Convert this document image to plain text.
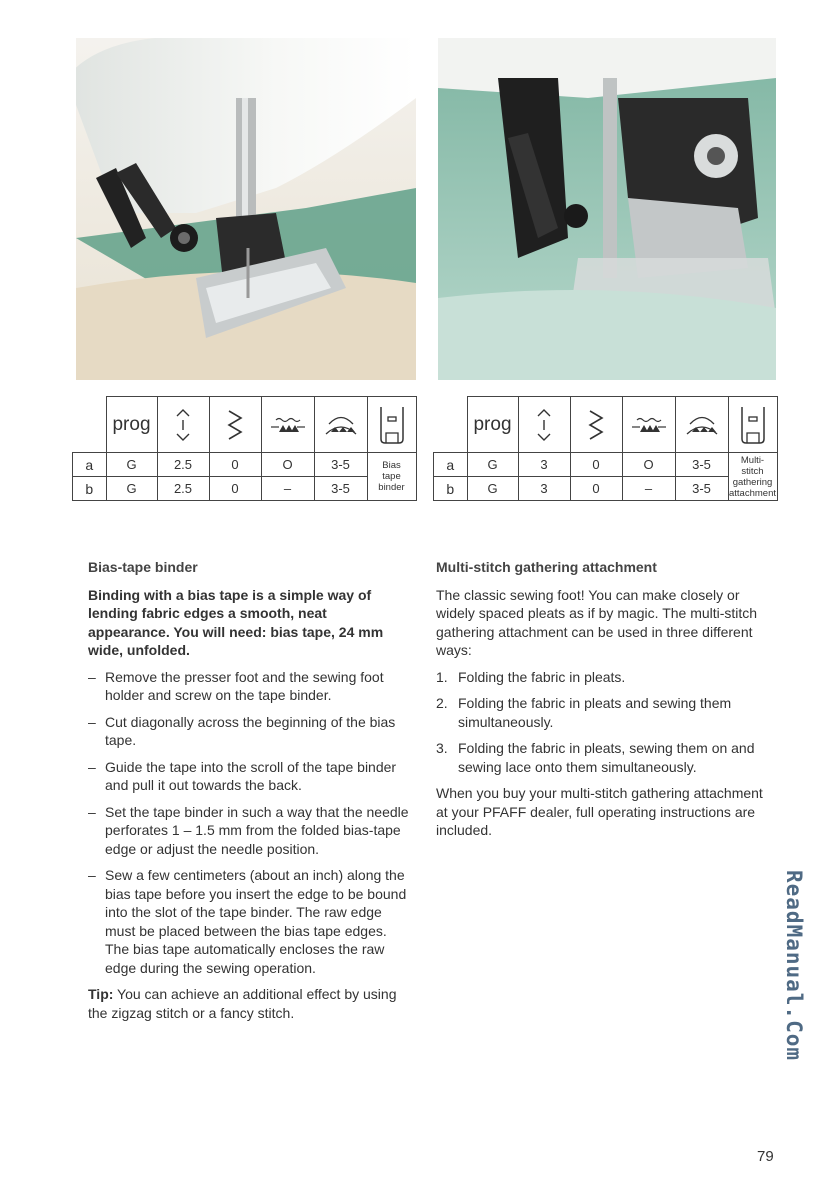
	prog	

a	G	2.5	0	O	3-5	Bias
tape
binder
b	G	2.5	0	–	3-5	
	prog	

a	G	3	0	O	3-5	Multi-
stitch
gathering
attachment
b	G	3	0	–	3-5	
Bias-tape binder
Binding with a bias tape is a simple way of lending fabric edges a smooth, neat appearance. You will need: bias tape, 24 mm wide, unfolded.
– Remove the presser foot and the sewing foot holder and screw on the tape binder.
– Cut diagonally across the beginning of the bias tape.
– Guide the tape into the scroll of the tape binder and pull it out towards the back.
– Set the tape binder in such a way that the needle perforates 1 – 1.5 mm from the folded bias-tape edge or adjust the needle position.
– Sew a few centimeters (about an inch) along the bias tape before you insert the edge to be bound into the slot of the tape binder. The raw edge must be placed between the bias tape edges. The bias tape automatically encloses the raw edge during the sewing operation.
Tip: You can achieve an additional effect by using the zigzag stitch or a fancy stitch.
Multi-stitch gathering attachment
The classic sewing foot! You can make closely or widely spaced pleats as if by magic. The multi-stitch gathering attachment can be used in three different ways:
1. Folding the fabric in pleats.
2. Folding the fabric in pleats and sewing them simultaneously.
3. Folding the fabric in pleats, sewing them on and sewing lace onto them simultaneously.
When you buy your multi-stitch gathering attachment at your PFAFF dealer, full operating instructions are included.
ReadManual.Com
79
